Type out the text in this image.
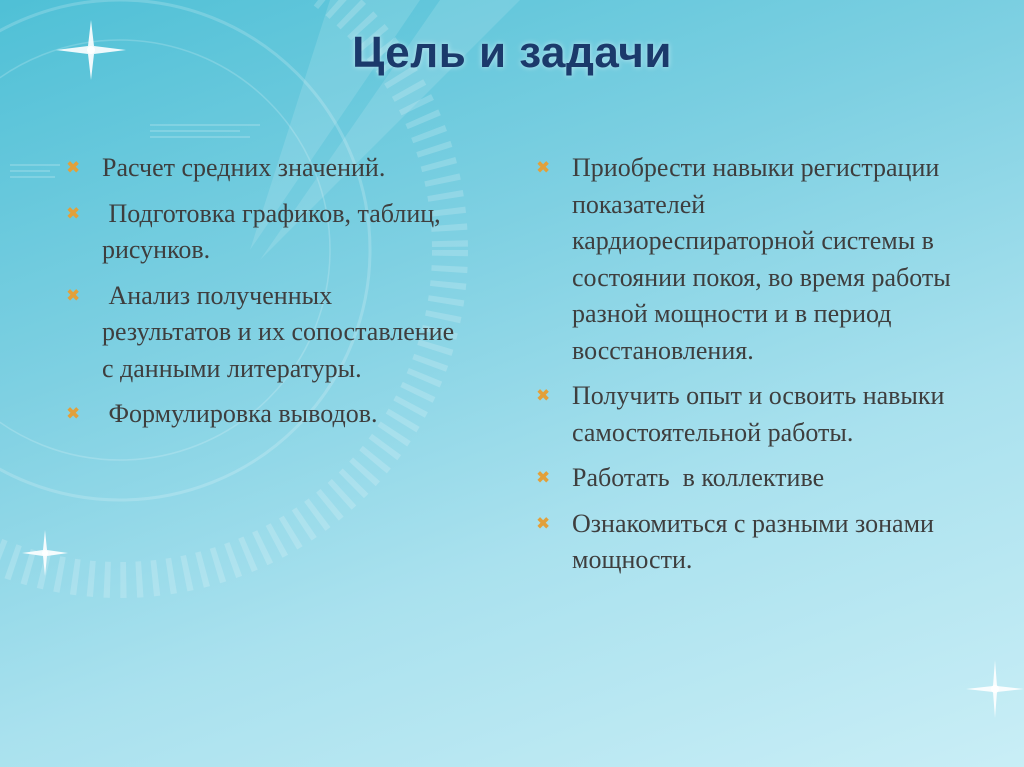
Цель и задачи
✖ Расчет средних значений.
✖ Подготовка графиков, таблиц, рисунков.
✖ Анализ полученных результатов и их сопоставление с данными литературы.
✖ Формулировка выводов.
✖ Приобрести навыки регистрации показателей кардиореспираторной системы в состоянии покоя, во время работы разной мощности и в период восстановления.
✖ Получить опыт и освоить навыки  самостоятельной работы.
✖ Работать  в коллективе
✖ Ознакомиться с разными зонами мощности.
